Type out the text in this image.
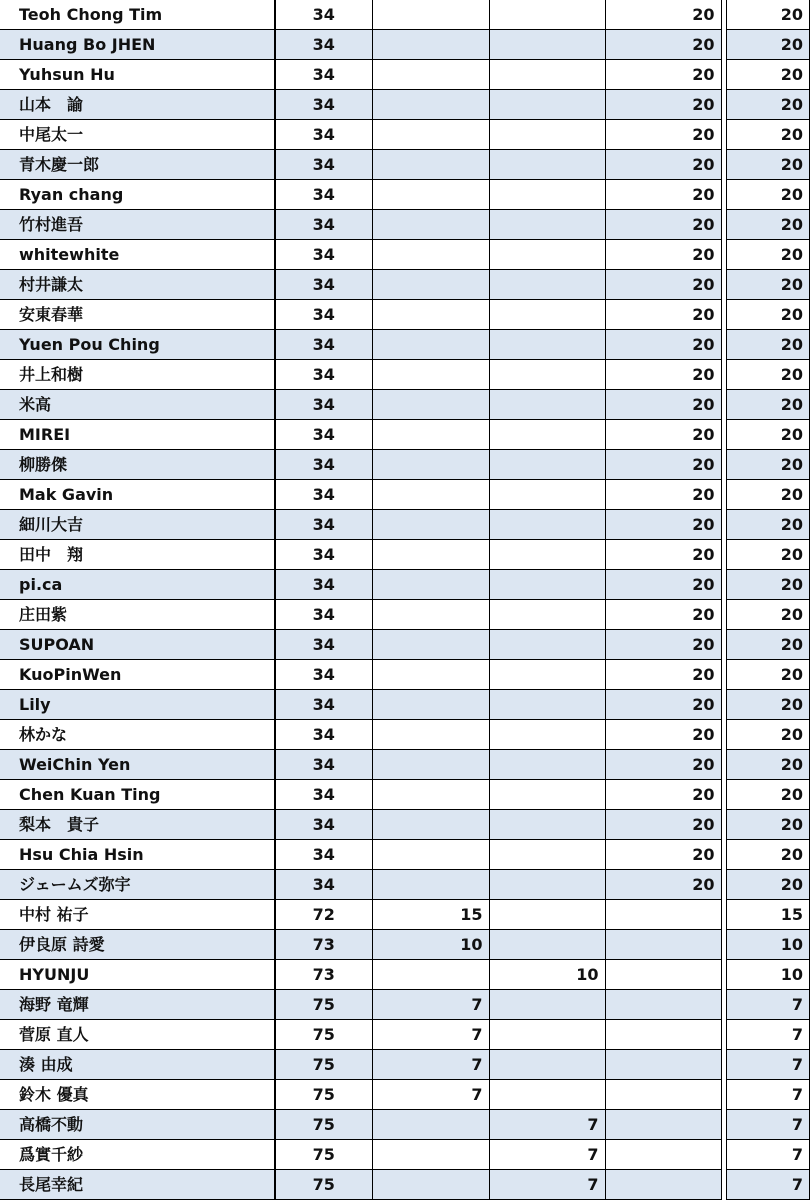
Teoh Chong Tim	34			20		20
Huang Bo JHEN	34			20		20
Yuhsun Hu	34			20		20
山本　諭	34			20		20
中尾太一	34			20		20
青木慶一郎	34			20		20
Ryan chang	34			20		20
竹村進吾	34			20		20
whitewhite	34			20		20
村井謙太	34			20		20
安東春華	34			20		20
Yuen Pou Ching	34			20		20
井上和樹	34			20		20
米高	34			20		20
MIREI	34			20		20
柳勝傑	34			20		20
Mak Gavin	34			20		20
細川大吉	34			20		20
田中　翔	34			20		20
pi.ca	34			20		20
庄田紫	34			20		20
SUPOAN	34			20		20
KuoPinWen	34			20		20
Lily	34			20		20
林かな	34			20		20
WeiChin Yen	34			20		20
Chen Kuan Ting	34			20		20
梨本　貴子	34			20		20
Hsu Chia Hsin	34			20		20
ジェームズ弥宇	34			20		20
中村 祐子	72	15				15
伊良原 詩愛	73	10				10
HYUNJU	73		10			10
海野 竜輝	75	7				7
菅原 直人	75	7				7
湊 由成	75	7				7
鈴木 優真	75	7				7
高橋不動	75		7			7
爲實千紗	75		7			7
長尾幸紀	75		7			7
